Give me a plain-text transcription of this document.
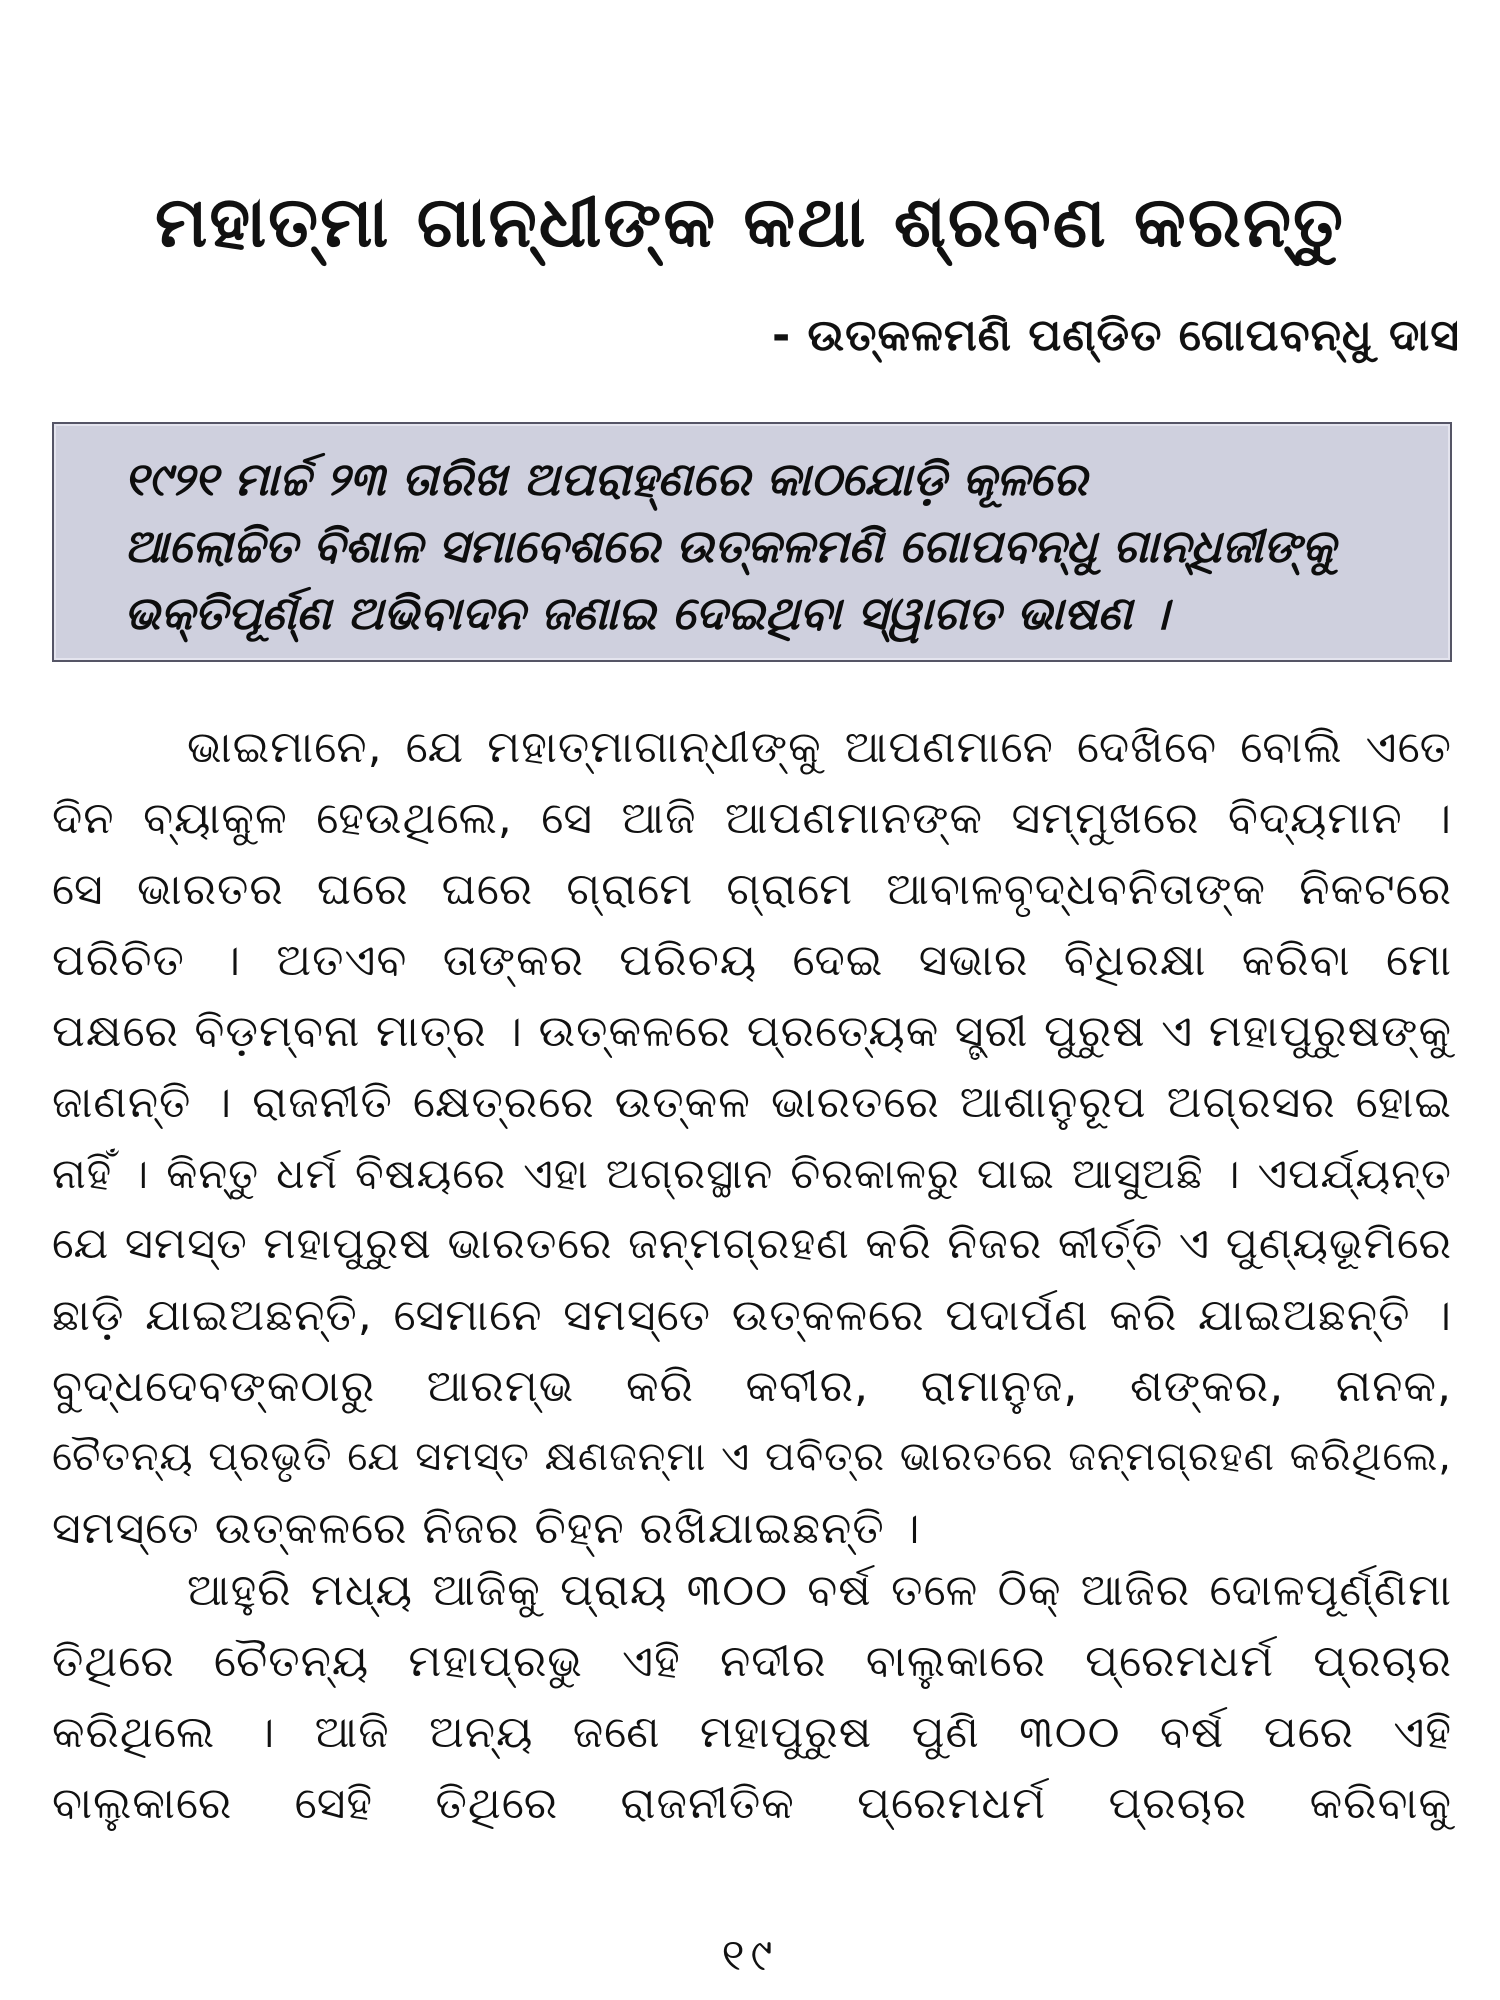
ମହାତ୍ମା ଗାନ୍ଧୀଙ୍କ କଥା ଶ୍ରବଣ କରନ୍ତୁ
- ଉତ୍କଳମଣି ପଣ୍ଡିତ ଗୋପବନ୍ଧୁ ଦାସ
୧୯୨୧ ମାର୍ଚ୍ଚ ୨୩ ତାରିଖ ଅପରାହ୍ଣରେ କାଠଯୋଡ଼ି କୂଳରେ
ଆଲୋଚ୍ଚିତ ବିଶାଳ ସମାବେଶରେ ଉତ୍କଳମଣି ଗୋପବନ୍ଧୁ ଗାନ୍ଧିଜୀଙ୍କୁ
ଭକ୍ତିପୂର୍ଣ୍ଣ ଅଭିବାଦନ ଜଣାଇ ଦେଇଥିବା ସ୍ୱାଗତ ଭାଷଣ ।
ଭାଇମାନେ, ଯେ ମହାତ୍ମାଗାନ୍ଧୀଙ୍କୁ ଆପଣମାନେ ଦେଖିବେ ବୋଲି ଏତେ
ଦିନ ବ୍ୟାକୁଳ ହେଉଥିଲେ, ସେ ଆଜି ଆପଣମାନଙ୍କ ସମ୍ମୁଖରେ ବିଦ୍ୟମାନ ।
ସେ ଭାରତର ଘରେ ଘରେ ଗ୍ରାମେ ଗ୍ରାମେ ଆବାଳବୃଦ୍ଧବନିତାଙ୍କ ନିକଟରେ
ପରିଚିତ । ଅତଏବ ତାଙ୍କର ପରିଚୟ ଦେଇ ସଭାର ବିଧିରକ୍ଷା କରିବା ମୋ
ପକ୍ଷରେ ବିଡ଼ମ୍ବନା ମାତ୍ର । ଉତ୍କଳରେ ପ୍ରତ୍ୟେକ ସ୍ତ୍ରୀ ପୁରୁଷ ଏ ମହାପୁରୁଷଙ୍କୁ
ଜାଣନ୍ତି । ରାଜନୀତି କ୍ଷେତ୍ରରେ ଉତ୍କଳ ଭାରତରେ ଆଶାନୁରୂପ ଅଗ୍ରସର ହୋଇ
ନାହିଁ । କିନ୍ତୁ ଧର୍ମ ବିଷୟରେ ଏହା ଅଗ୍ରସ୍ଥାନ ଚିରକାଳରୁ ପାଇ ଆସୁଅଛି । ଏପର୍ଯ୍ୟନ୍ତ
ଯେ ସମସ୍ତ ମହାପୁରୁଷ ଭାରତରେ ଜନ୍ମଗ୍ରହଣ କରି ନିଜର କୀର୍ତ୍ତି ଏ ପୁଣ୍ୟଭୂମିରେ
ଛାଡ଼ି ଯାଇଅଛନ୍ତି, ସେମାନେ ସମସ୍ତେ ଉତ୍କଳରେ ପଦାର୍ପଣ କରି ଯାଇଅଛନ୍ତି ।
ବୁଦ୍ଧଦେବଙ୍କଠାରୁ ଆରମ୍ଭ କରି କବୀର, ରାମାନୁଜ, ଶଙ୍କର, ନାନକ,
ଚୈତନ୍ୟ ପ୍ରଭୃତି ଯେ ସମସ୍ତ କ୍ଷଣଜନ୍ମା ଏ ପବିତ୍ର ଭାରତରେ ଜନ୍ମଗ୍ରହଣ କରିଥିଲେ,
ସମସ୍ତେ ଉତ୍କଳରେ ନିଜର ଚିହ୍ନ ରଖିଯାଇଛନ୍ତି ।
ଆହୁରି ମଧ୍ୟ ଆଜିକୁ ପ୍ରାୟ ୩୦୦ ବର୍ଷ ତଳେ ଠିକ୍ ଆଜିର ଦୋଳପୂର୍ଣ୍ଣିମା
ତିଥିରେ ଚୈତନ୍ୟ ମହାପ୍ରଭୁ ଏହି ନଦୀର ବାଲୁକାରେ ପ୍ରେମଧର୍ମ ପ୍ରଚାର
କରିଥିଲେ । ଆଜି ଅନ୍ୟ ଜଣେ ମହାପୁରୁଷ ପୁଣି ୩୦୦ ବର୍ଷ ପରେ ଏହି
ବାଲୁକାରେ ସେହି ତିଥିରେ ରାଜନୀତିକ ପ୍ରେମଧର୍ମ ପ୍ରଚାର କରିବାକୁ
୧୯
